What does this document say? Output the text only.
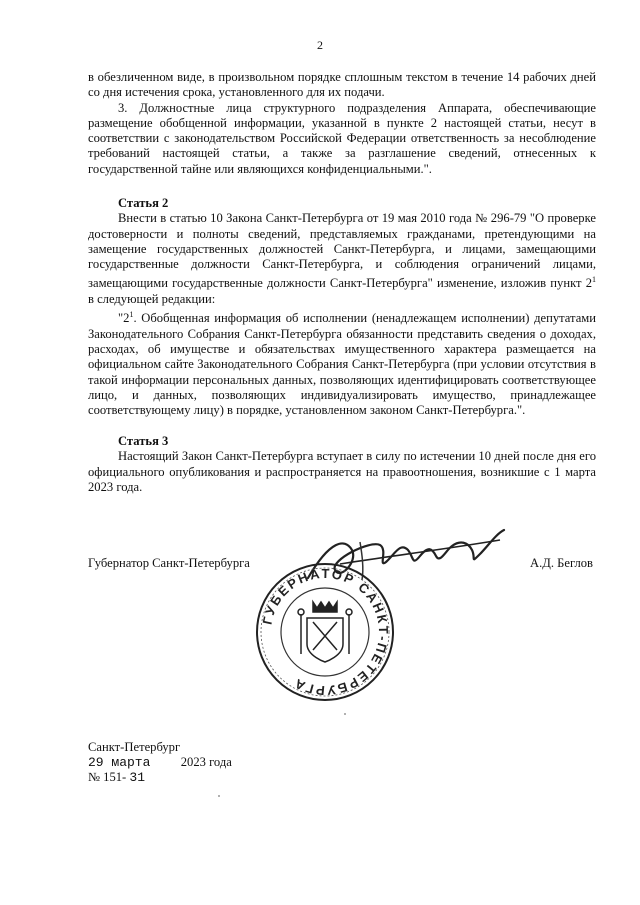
2

в обезличенном виде, в произвольном порядке сплошным текстом в течение 14 рабочих дней со дня истечения срока, установленного для их подачи.

3. Должностные лица структурного подразделения Аппарата, обеспечивающие размещение обобщенной информации, указанной в пункте 2 настоящей статьи, несут в соответствии с законодательством Российской Федерации ответственность за несоблюдение требований настоящей статьи, а также за разглашение сведений, отнесенных к государственной тайне или являющихся конфиденциальными.".

Статья 2

Внести в статью 10 Закона Санкт-Петербурга от 19 мая 2010 года № 296-79 "О проверке достоверности и полноты сведений, представляемых гражданами, претендующими на замещение государственных должностей Санкт-Петербурга, и лицами, замещающими государственные должности Санкт-Петербурга, и соблюдения ограничений лицами, замещающими государственные должности Санкт-Петербурга" изменение, изложив пункт $2^1$ в следующей редакции:

"$2^1$. Обобщенная информация об исполнении (ненадлежащем исполнении) депутатами Законодательного Собрания Санкт-Петербурга обязанности представить сведения о доходах, расходах, об имуществе и обязательствах имущественного характера размещается на официальном сайте Законодательного Собрания Санкт-Петербурга (при условии отсутствия в такой информации персональных данных, позволяющих идентифицировать соответствующее лицо, и данных, позволяющих индивидуализировать имущество, принадлежащее соответствующему лицу) в порядке, установленном законом Санкт-Петербурга.".

Статья 3

Настоящий Закон Санкт-Петербурга вступает в силу по истечении 10 дней после дня его официального опубликования и распространяется на правоотношения, возникшие с 1 марта 2023 года.

Губернатор Санкт-Петербурга	А.Д. Беглов
ГУБЕРНАТОР САНКТ-ПЕТЕРБУРГА
Санкт-Петербург
29 марта 2023 года
№ 151- 31
